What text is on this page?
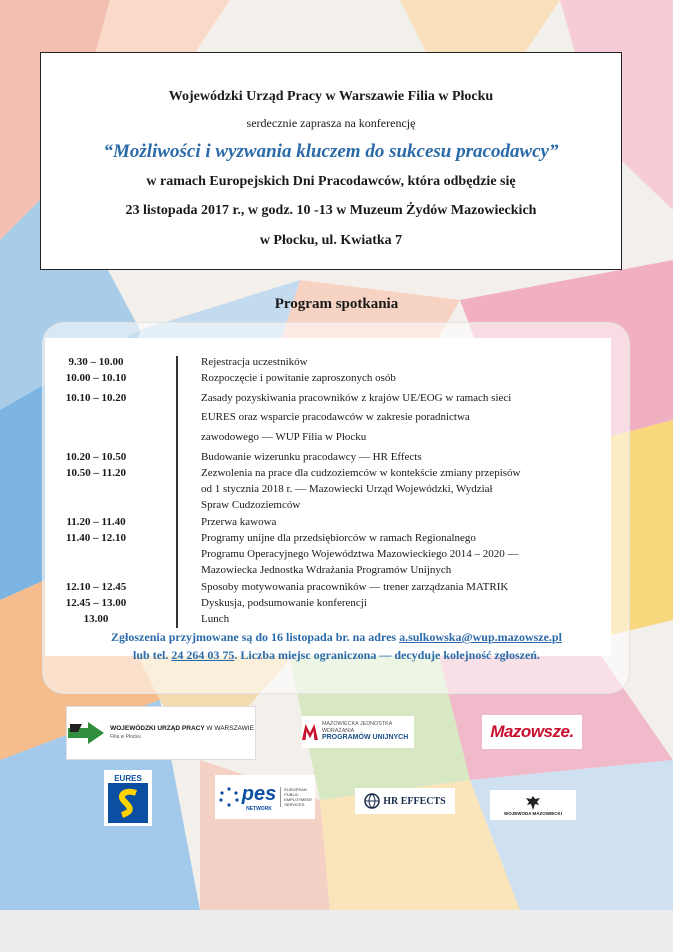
Wojewódzki Urząd Pracy w Warszawie Filia w Płocku
serdecznie zaprasza na konferencję
“Możliwości i wyzwania kluczem do sukcesu pracodawcy”
w ramach Europejskich Dni Pracodawców, która odbędzie się
23 listopada 2017 r., w godz. 10 -13 w Muzeum Żydów Mazowieckich
w Płocku, ul. Kwiatka 7
Program spotkania
9.30 – 10.00	Rejestracja uczestników
10.00 – 10.10	Rozpoczęcie i powitanie zaproszonych osób
10.10 – 10.20	Zasady pozyskiwania pracowników z krajów UE/EOG w ramach sieci
EURES oraz wsparcie pracodawców w zakresie poradnictwa
zawodowego — WUP Filia w Płocku
10.20 – 10.50	Budowanie wizerunku pracodawcy — HR Effects
10.50 – 11.20	Zezwolenia na prace dla cudzoziemców w kontekście zmiany przepisów
od 1 stycznia 2018 r. — Mazowiecki Urząd Wojewódzki, Wydział
Spraw Cudzoziemców
11.20 – 11.40	Przerwa kawowa
11.40 – 12.10	Programy unijne dla przedsiębiorców w ramach Regionalnego
Programu Operacyjnego Województwa Mazowieckiego 2014 – 2020 —
Mazowiecka Jednostka Wdrażania Programów Unijnych
12.10 – 12.45	Sposoby motywowania pracowników — trener zarządzania MATRIK
12.45 – 13.00	Dyskusja, podsumowanie konferencji
13.00	Lunch
Zgłoszenia przyjmowane są do 16 listopada br. na adres a.sulkowska@wup.mazowsze.pl
lub tel. 24 264 03 75. Liczba miejsc ograniczona — decyduje kolejność zgłoszeń.
WOJEWÓDZKI URZĄD PRACY W WARSZAWIE
Filia w Płocku
MAZOWIECKA JEDNOSTKA WDRAŻANIA
PROGRAMÓW UNIJNYCH	Mazowsze.
EURES
pes
NETWORK
EUROPEAN
PUBLIC
EMPLOYMENT
SERVICES	HR EFFECTS
WOJEWODA MAZOWIECKI
